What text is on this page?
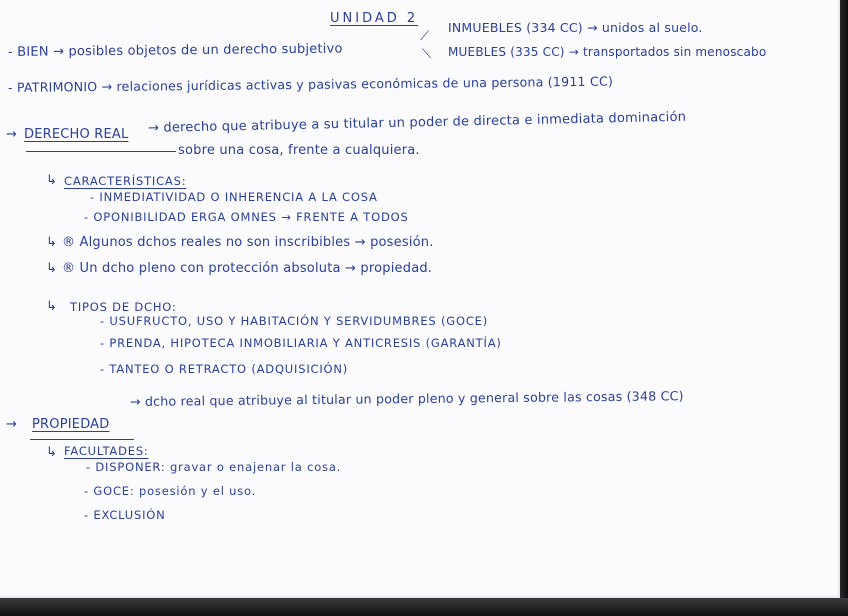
UNIDAD 2
- BIEN → posibles objetos de un derecho subjetivo
⟋
INMUEBLES (334 CC) → unidos al suelo.
⟍ MUEBLES (335 CC) → transportados sin menoscabo
- PATRIMONIO → relaciones jurídicas activas y pasivas económicas de una persona (1911 CC)
→ DERECHO REAL → derecho que atribuye a su titular un poder de directa e inmediata dominación
sobre una cosa, frente a cualquiera.
↳ CARACTERÍSTICAS:
- INMEDIATIVIDAD O INHERENCIA A LA COSA
- OPONIBILIDAD ERGA OMNES → FRENTE A TODOS
↳ ® Algunos dchos reales no son inscribibles → posesión.
↳ ® Un dcho pleno con protección absoluta → propiedad.
↳ TIPOS DE DCHO:
- USUFRUCTO, USO Y HABITACIÓN Y SERVIDUMBRES (GOCE)
- PRENDA, HIPOTECA INMOBILIARIA Y ANTICRESIS (GARANTÍA)
- TANTEO O RETRACTO (ADQUISICIÓN)
→ PROPIEDAD
→ dcho real que atribuye al titular un poder pleno y general sobre las cosas (348 CC)
↳ FACULTADES:
- DISPONER: gravar o enajenar la cosa.
- GOCE: posesión y el uso.
- EXCLUSIÓN
